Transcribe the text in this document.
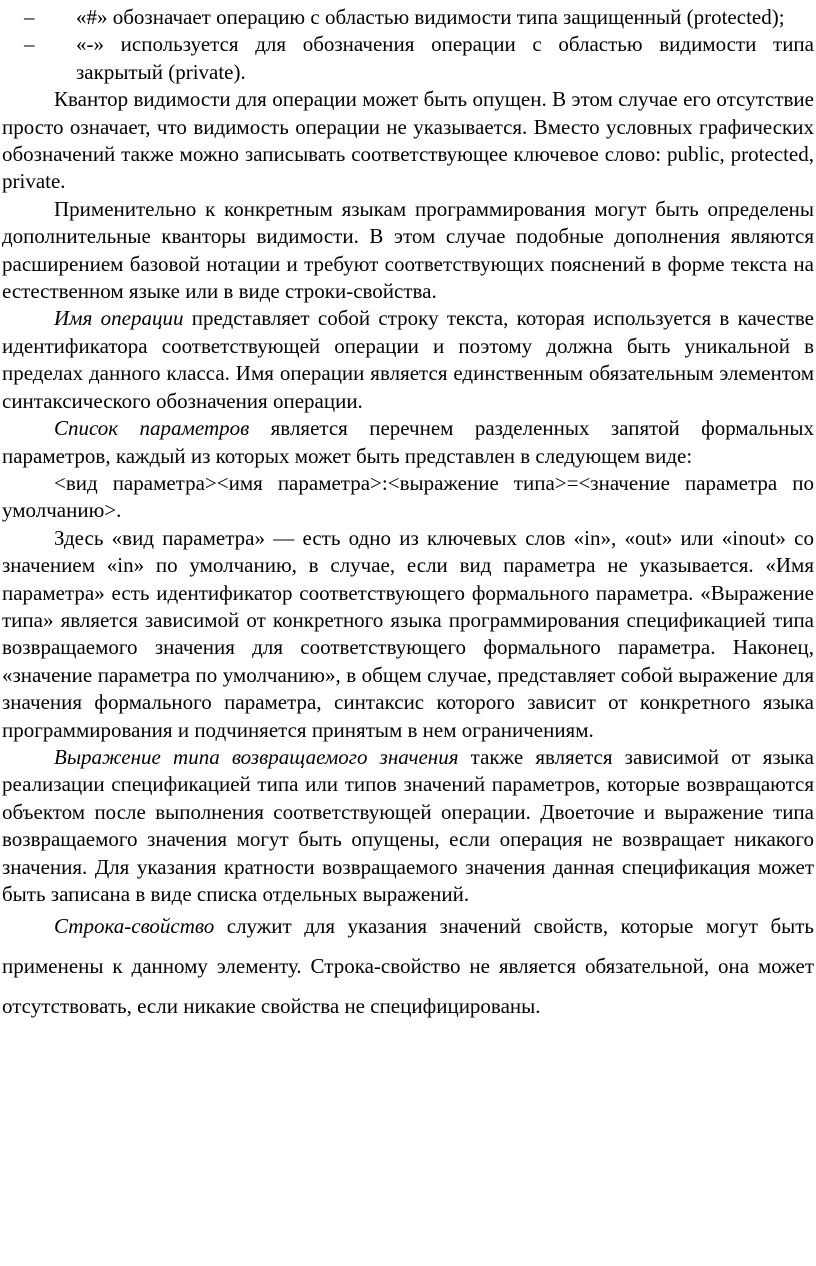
–	«#» обозначает операцию с областью видимости типа защищенный (protected);
–	«-» используется для обозначения операции с областью видимости типа закрытый (private).

Квантор видимости для операции может быть опущен. В этом случае его отсутствие просто означает, что видимость операции не указывается. Вместо условных графических обозначений также можно записывать соответствующее ключевое слово: public, protected, private.

Применительно к конкретным языкам программирования могут быть определены дополнительные кванторы видимости. В этом случае подобные дополнения являются расширением базовой нотации и требуют соответствующих пояснений в форме текста на естественном языке или в виде строки-свойства.

Имя операции представляет собой строку текста, которая используется в качестве идентификатора соответствующей операции и поэтому должна быть уникальной в пределах данного класса. Имя операции является единственным обязательным элементом синтаксического обозначения операции.

Список параметров является перечнем разделенных запятой формальных параметров, каждый из которых может быть представлен в следующем виде:

<вид параметра><имя параметра>:<выражение типа>=<значение параметра по умолчанию>.

Здесь «вид параметра» — есть одно из ключевых слов «in», «out» или «inout» со значением «in» по умолчанию, в случае, если вид параметра не указывается. «Имя параметра» есть идентификатор соответствующего формального параметра. «Выражение типа» является зависимой от конкретного языка программирования спецификацией типа возвращаемого значения для соответствующего формального параметра. Наконец, «значение параметра по умолчанию», в общем случае, представляет собой выражение для значения формального параметра, синтаксис которого зависит от конкретного языка программирования и подчиняется принятым в нем ограничениям.

Выражение типа возвращаемого значения также является зависимой от языка реализации спецификацией типа или типов значений параметров, которые возвращаются объектом после выполнения соответствующей операции. Двоеточие и выражение типа возвращаемого значения могут быть опущены, если операция не возвращает никакого значения. Для указания кратности возвращаемого значения данная спецификация может быть записана в виде списка отдельных выражений.

Строка-свойство служит для указания значений свойств, которые могут быть применены к данному элементу. Строка-свойство не является обязательной, она может отсутствовать, если никакие свойства не специфицированы.
